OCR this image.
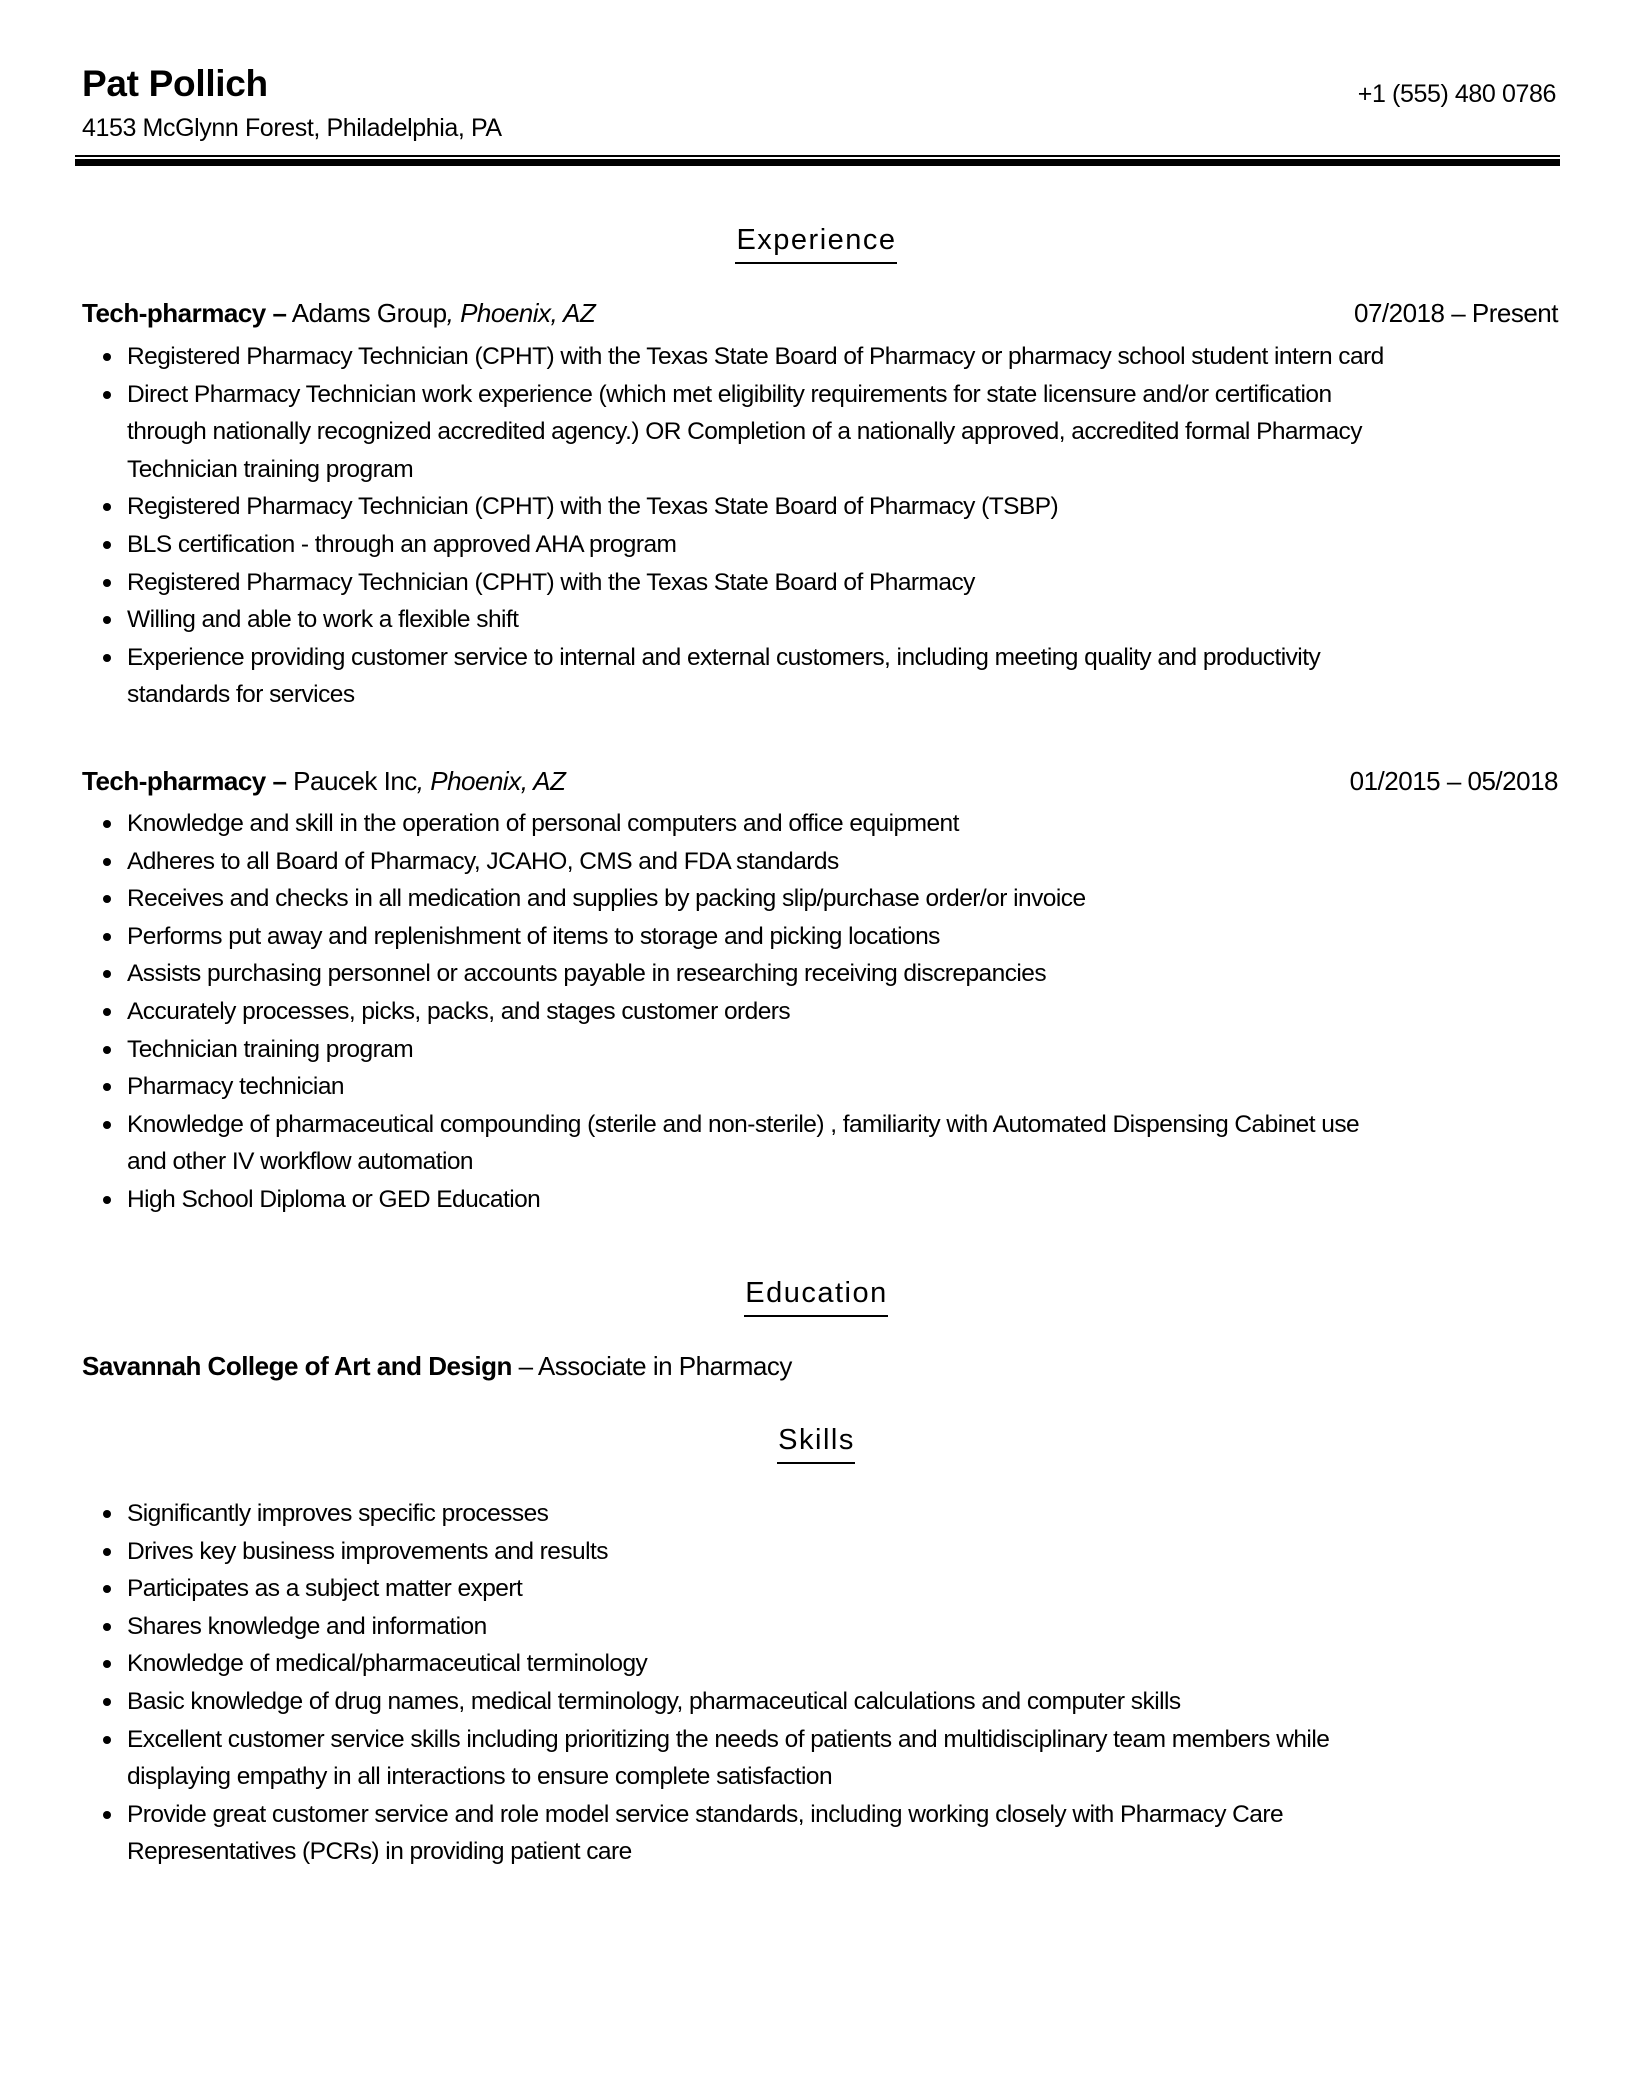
Pat Pollich
4153 McGlynn Forest, Philadelphia, PA
+1 (555) 480 0786
Experience
Tech-pharmacy – Adams Group, Phoenix, AZ	07/2018 – Present
Registered Pharmacy Technician (CPHT) with the Texas State Board of Pharmacy or pharmacy school student intern card
Direct Pharmacy Technician work experience (which met eligibility requirements for state licensure and/or certification
through nationally recognized accredited agency.) OR Completion of a nationally approved, accredited formal Pharmacy
Technician training program
Registered Pharmacy Technician (CPHT) with the Texas State Board of Pharmacy (TSBP)
BLS certification - through an approved AHA program
Registered Pharmacy Technician (CPHT) with the Texas State Board of Pharmacy
Willing and able to work a flexible shift
Experience providing customer service to internal and external customers, including meeting quality and productivity
standards for services
Tech-pharmacy – Paucek Inc, Phoenix, AZ	01/2015 – 05/2018
Knowledge and skill in the operation of personal computers and office equipment
Adheres to all Board of Pharmacy, JCAHO, CMS and FDA standards
Receives and checks in all medication and supplies by packing slip/purchase order/or invoice
Performs put away and replenishment of items to storage and picking locations
Assists purchasing personnel or accounts payable in researching receiving discrepancies
Accurately processes, picks, packs, and stages customer orders
Technician training program
Pharmacy technician
Knowledge of pharmaceutical compounding (sterile and non-sterile) , familiarity with Automated Dispensing Cabinet use
and other IV workflow automation
High School Diploma or GED Education
Education
Savannah College of Art and Design – Associate in Pharmacy
Skills
Significantly improves specific processes
Drives key business improvements and results
Participates as a subject matter expert
Shares knowledge and information
Knowledge of medical/pharmaceutical terminology
Basic knowledge of drug names, medical terminology, pharmaceutical calculations and computer skills
Excellent customer service skills including prioritizing the needs of patients and multidisciplinary team members while
displaying empathy in all interactions to ensure complete satisfaction
Provide great customer service and role model service standards, including working closely with Pharmacy Care
Representatives (PCRs) in providing patient care
